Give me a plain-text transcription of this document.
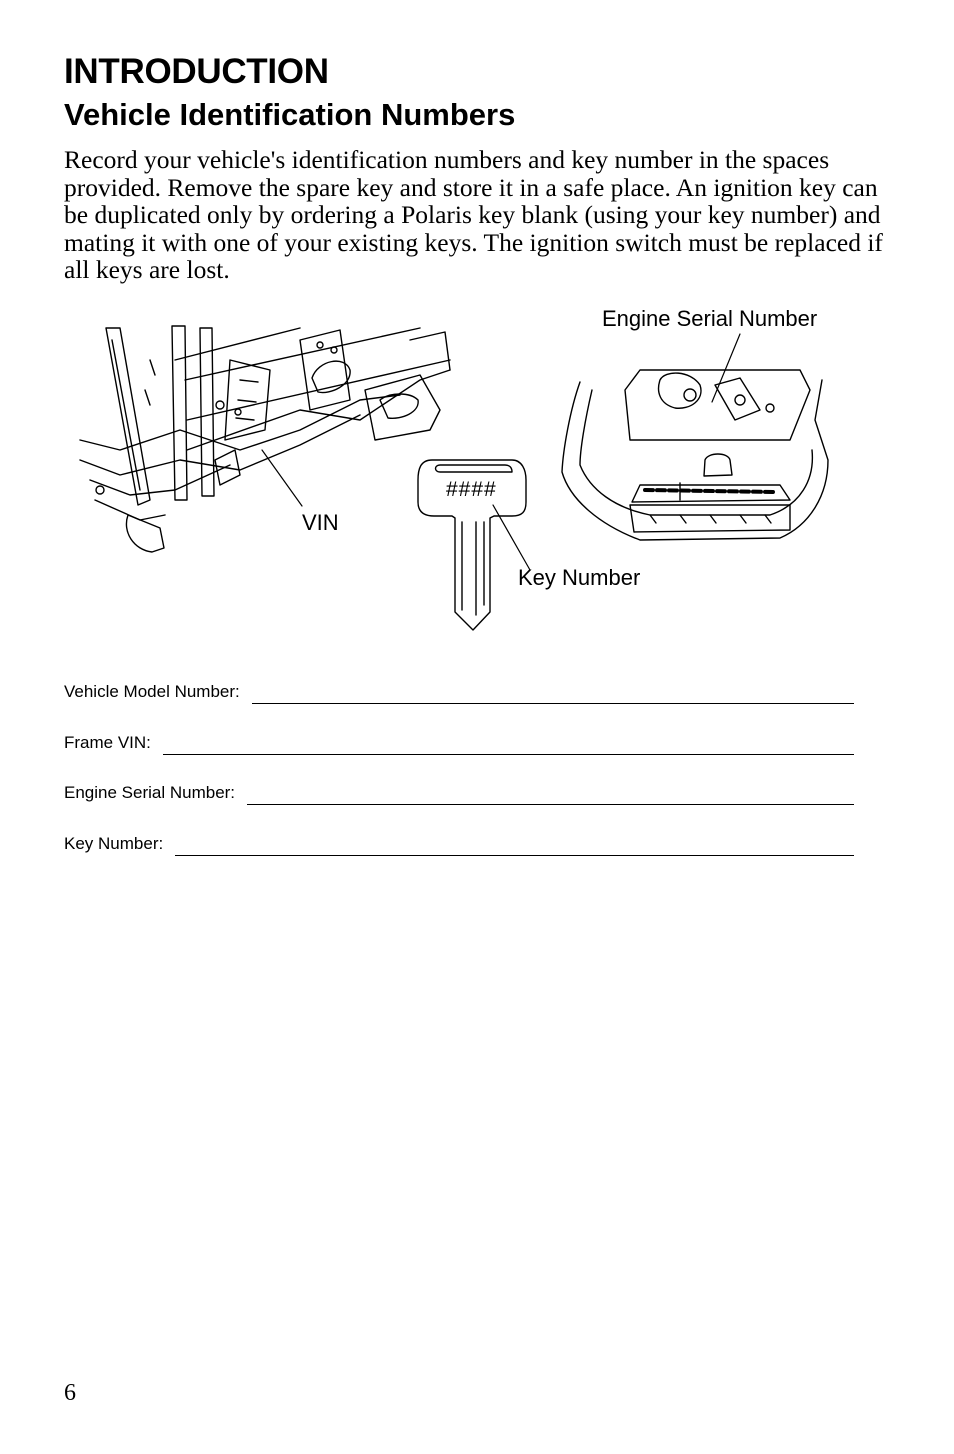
INTRODUCTION
Vehicle Identification Numbers
Record your vehicle's identification numbers and key number in the spaces provided. Remove the spare key and store it in a safe place. An ignition key can be duplicated only by ordering a Polaris key blank (using your key number) and mating it with one of your existing keys. The ignition switch must be replaced if all keys are lost.
VIN
Engine Serial Number
Key Number
####
Vehicle Model Number:
Frame VIN:
Engine Serial Number:
Key Number:
6
